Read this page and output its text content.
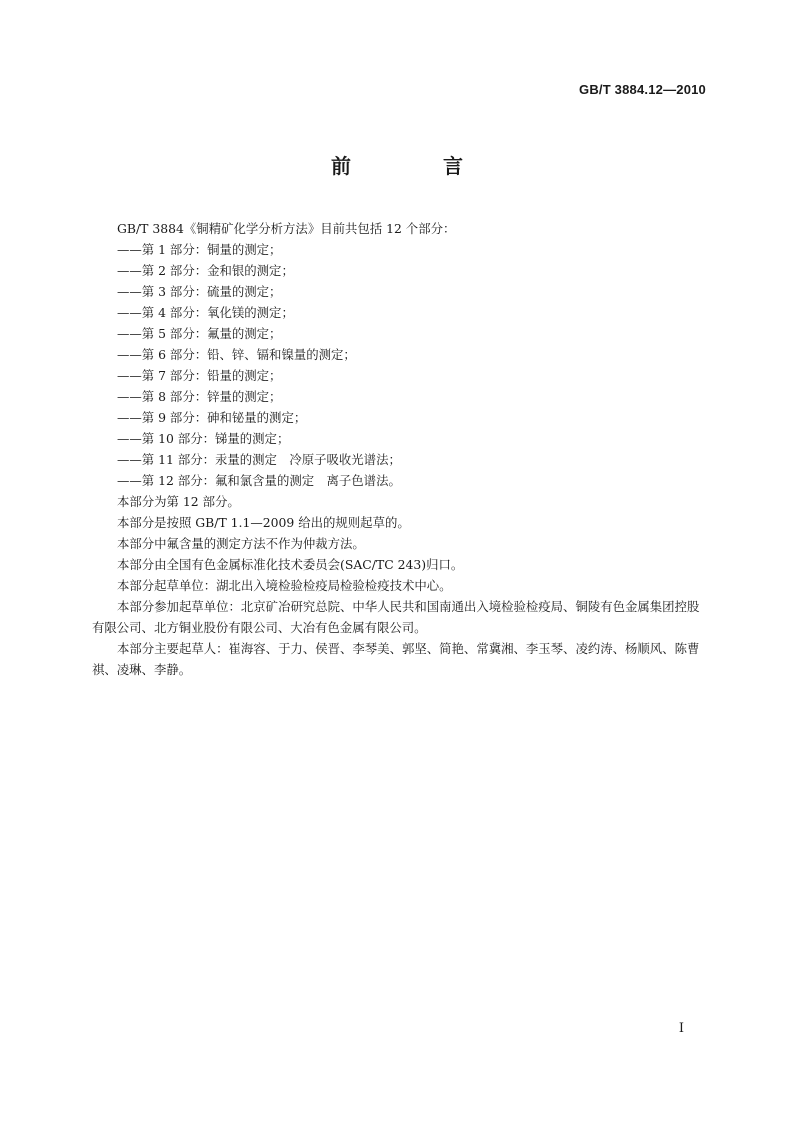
GB/T 3884.12—2010
前　言

GB/T 3884《铜精矿化学分析方法》目前共包括 12 个部分：

——第 1 部分：铜量的测定；

——第 2 部分：金和银的测定；

——第 3 部分：硫量的测定；

——第 4 部分：氧化镁的测定；

——第 5 部分：氟量的测定；

——第 6 部分：铅、锌、镉和镍量的测定；

——第 7 部分：铅量的测定；

——第 8 部分：锌量的测定；

——第 9 部分：砷和铋量的测定；

——第 10 部分：锑量的测定；

——第 11 部分：汞量的测定　冷原子吸收光谱法；

——第 12 部分：氟和氯含量的测定　离子色谱法。

本部分为第 12 部分。

本部分是按照 GB/T 1.1—2009 给出的规则起草的。

本部分中氟含量的测定方法不作为仲裁方法。

本部分由全国有色金属标准化技术委员会(SAC/TC 243)归口。

本部分起草单位：湖北出入境检验检疫局检验检疫技术中心。

本部分参加起草单位：北京矿冶研究总院、中华人民共和国南通出入境检验检疫局、铜陵有色金属集团控股有限公司、北方铜业股份有限公司、大冶有色金属有限公司。

本部分主要起草人：崔海容、于力、侯晋、李琴美、郭坚、简艳、常冀湘、李玉琴、凌约涛、杨顺风、陈曹祺、凌琳、李静。

I
